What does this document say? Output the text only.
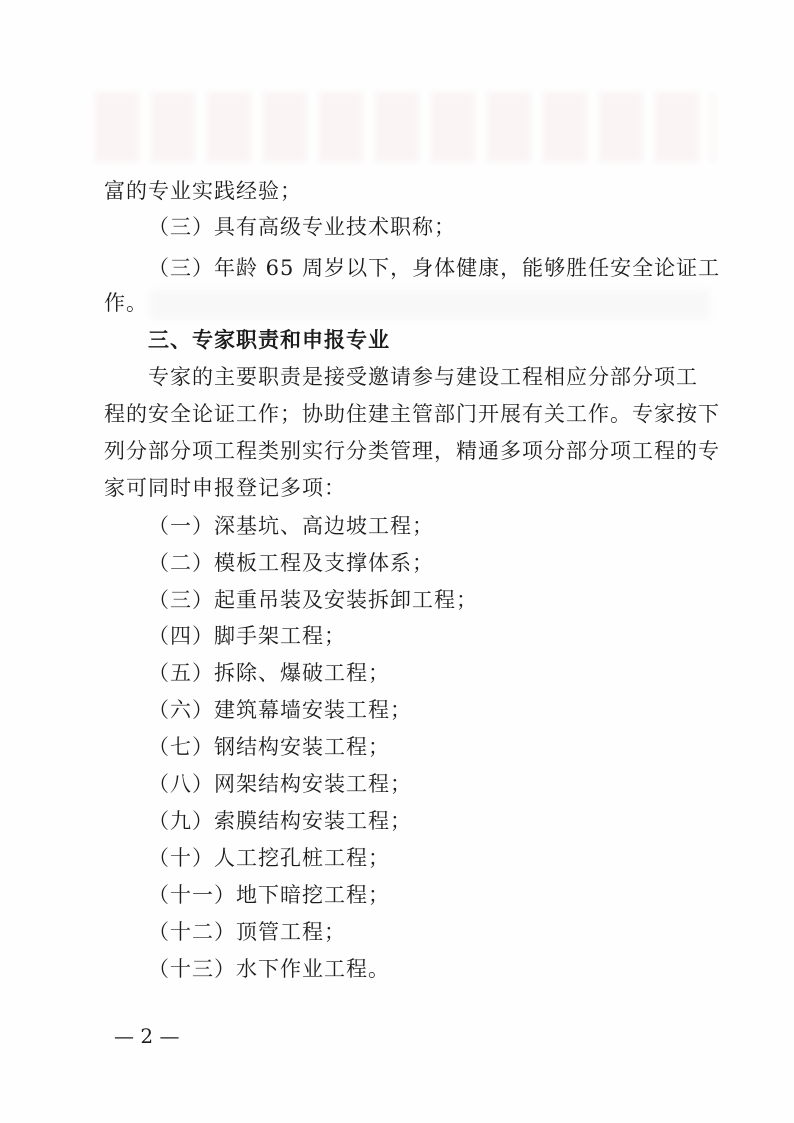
富的专业实践经验；
（三）具有高级专业技术职称；
（三）年龄 65 周岁以下，身体健康，能够胜任安全论证工
作。
三、专家职责和申报专业
专家的主要职责是接受邀请参与建设工程相应分部分项工
程的安全论证工作；协助住建主管部门开展有关工作。专家按下
列分部分项工程类别实行分类管理，精通多项分部分项工程的专
家可同时申报登记多项：
（一）深基坑、高边坡工程；
（二）模板工程及支撑体系；
（三）起重吊装及安装拆卸工程；
（四）脚手架工程；
（五）拆除、爆破工程；
（六）建筑幕墙安装工程；
（七）钢结构安装工程；
（八）网架结构安装工程；
（九）索膜结构安装工程；
（十）人工挖孔桩工程；
（十一）地下暗挖工程；
（十二）顶管工程；
（十三）水下作业工程。
— 2 —
